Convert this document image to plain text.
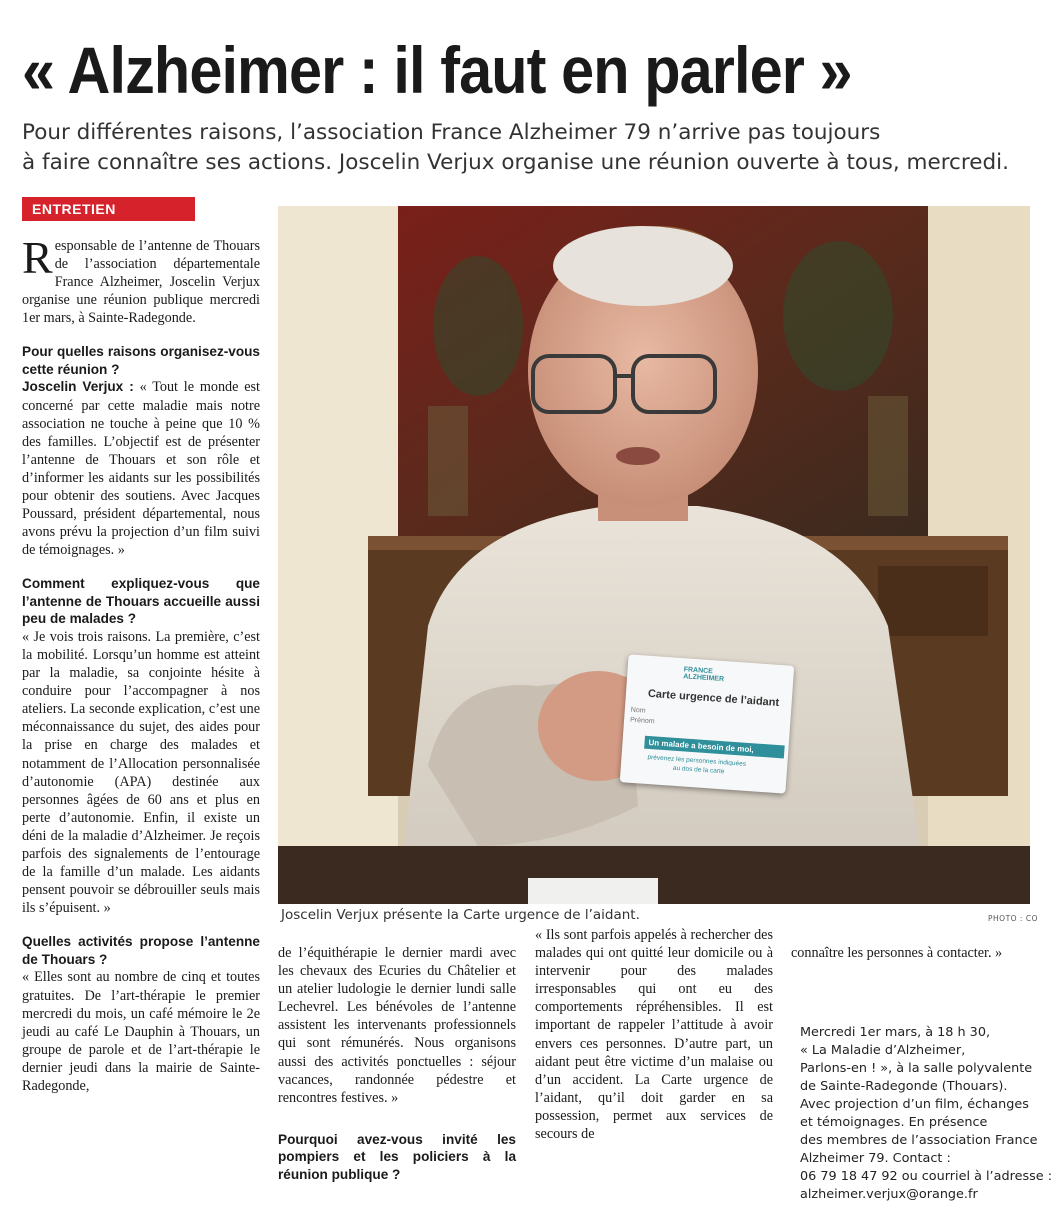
« Alzheimer : il faut en parler »
Pour différentes raisons, l’association France Alzheimer 79 n’arrive pas toujours
à faire connaître ses actions. Joscelin Verjux organise une réunion ouverte à tous, mercredi.
ENTRETIEN

Responsable de l’antenne de Thouars de l’association départementale France Alzheimer, Joscelin Verjux organise une réunion publique mercredi 1er mars, à Sainte-Radegonde.

Pour quelles raisons organisez-vous cette réunion ?

Joscelin Verjux : « Tout le monde est concerné par cette maladie mais notre association ne touche à peine que 10 % des familles. L’objectif est de présenter l’antenne de Thouars et son rôle et d’informer les aidants sur les possibilités pour obtenir des soutiens. Avec Jacques Poussard, président départemental, nous avons prévu la projection d’un film suivi de témoignages. »

Comment expliquez-vous que l’antenne de Thouars accueille aussi peu de malades ?

« Je vois trois raisons. La première, c’est la mobilité. Lorsqu’un homme est atteint par la maladie, sa conjointe hésite à conduire pour l’accompagner à nos ateliers. La seconde explication, c’est une méconnaissance du sujet, des aides pour la prise en charge des malades et notamment de l’Allocation personnalisée d’autonomie (APA) destinée aux personnes âgées de 60 ans et plus en perte d’autonomie. Enfin, il existe un déni de la maladie d’Alzheimer. Je reçois parfois des signalements de l’entourage de la famille d’un malade. Les aidants pensent pouvoir se débrouiller seuls mais ils s’épuisent. »

Quelles activités propose l’antenne de Thouars ?

« Elles sont au nombre de cinq et toutes gratuites. De l’art-thérapie le premier mercredi du mois, un café mémoire le 2e jeudi au café Le Dauphin à Thouars, un groupe de parole et de l’art-thérapie le dernier jeudi dans la mairie de Sainte-Radegonde,

de l’équithérapie le dernier mardi avec les chevaux des Ecuries du Châtelier et un atelier ludologie le dernier lundi salle Lechevrel. Les bénévoles de l’antenne assistent les intervenants professionnels qui sont rémunérés. Nous organisons aussi des activités ponctuelles : séjour vacances, randonnée pédestre et rencontres festives. »

Pourquoi avez-vous invité les pompiers et les policiers à la réunion publique ?

« Ils sont parfois appelés à rechercher des malades qui ont quitté leur domicile ou à intervenir pour des malades irresponsables qui ont eu des comportements répréhensibles. Il est important de rappeler l’attitude à avoir envers ces personnes. D’autre part, un aidant peut être victime d’un malaise ou d’un accident. La Carte urgence de l’aidant, qu’il doit garder en sa possession, permet aux services de secours de

connaître les personnes à contacter. »

Mercredi 1er mars, à 18 h 30,
« La Maladie d’Alzheimer,
Parlons-en ! », à la salle polyvalente
de Sainte-Radegonde (Thouars).
Avec projection d’un film, échanges
et témoignages. En présence
des membres de l’association France
Alzheimer 79. Contact :
06 79 18 47 92 ou courriel à l’adresse :
alzheimer.verjux@orange.fr
FRANCE ALZHEIMER
Carte urgence de l’aidant
Nom
Prénom
Un malade a besoin de moi,
prévenez les personnes indiquées
au dos de la carte
Joscelin Verjux présente la Carte urgence de l’aidant.	PHOTO : CO
